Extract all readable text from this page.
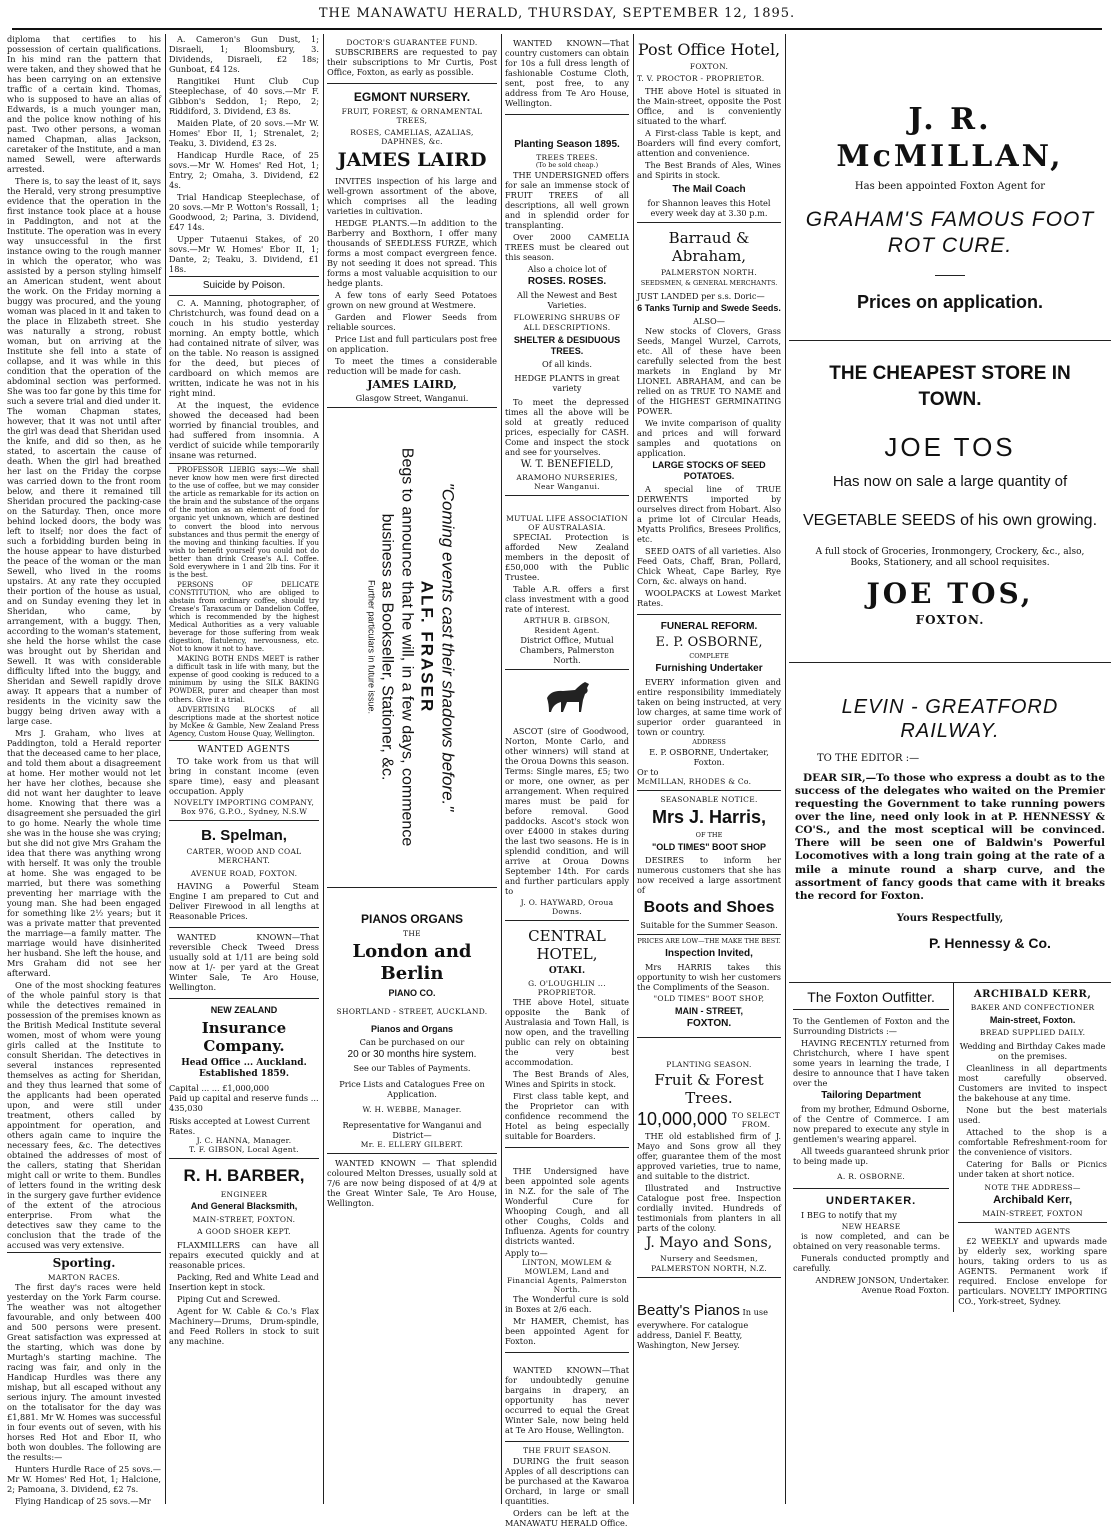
THE MANAWATU HERALD, THURSDAY, SEPTEMBER 12, 1895.

diploma that certifies to his possession of certain qualifications. In his mind ran the pattern that were taken, and they showed that he has been carrying on an extensive traffic of a certain kind. Thomas, who is supposed to have an alias of Edwards, is a much younger man, and the police know nothing of his past. Two other persons, a woman named Chapman, alias Jackson, caretaker of the Institute, and a man named Sewell, were afterwards arrested.

There is, to say the least of it, says the Herald, very strong presumptive evidence that the operation in the first instance took place at a house in Paddington, and not at the Institute. The operation was in every way unsuccessful in the first instance owing to the rough manner in which the operator, who was assisted by a person styling himself an American student, went about the work. On the Friday morning a buggy was procured, and the young woman was placed in it and taken to the place in Elizabeth street. She was naturally a strong, robust woman, but on arriving at the Institute she fell into a state of collapse, and it was while in this condition that the operation of the abdominal section was performed. She was too far gone by this time for such a severe trial and died under it. The woman Chapman states, however, that it was not until after the girl was dead that Sheridan used the knife, and did so then, as he stated, to ascertain the cause of death. When the girl had breathed her last on the Friday the corpse was carried down to the front room below, and there it remained till Sheridan procured the packing-case on the Saturday. Then, once more behind locked doors, the body was left to itself; nor does the fact of such a forbidding burden being in the house appear to have disturbed the peace of the woman or the man Sewell, who lived in the rooms upstairs. At any rate they occupied their portion of the house as usual, and on Sunday evening they let in Sheridan, who came, by arrangement, with a buggy. Then, according to the woman's statement, she held the horse whilst the case was brought out by Sheridan and Sewell. It was with considerable difficulty lifted into the buggy, and Sheridan and Sewell rapidly drove away. It appears that a number of residents in the vicinity saw the buggy being driven away with a large case.

Mrs J. Graham, who lives at Paddington, told a Herald reporter that the deceased came to her place, and told them about a disagreement at home. Her mother would not let her have her clothes, because she did not want her daughter to leave home. Knowing that there was a disagreement she persuaded the girl to go home. Nearly the whole time she was in the house she was crying; but she did not give Mrs Graham the idea that there was anything wrong with herself. It was only the trouble at home. She was engaged to be married, but there was something preventing her marriage with the young man. She had been engaged for something like 2½ years; but it was a private matter that prevented the marriage—a family matter. The marriage would have disinherited her husband. She left the house, and Mrs Graham did not see her afterward.

One of the most shocking features of the whole painful story is that while the detectives remained in possession of the premises known as the British Medical Institute several women, most of whom were young girls called at the Institute to consult Sheridan. The detectives in several instances represented themselves as acting for Sheridan, and they thus learned that some of the applicants had been operated upon, and were still under treatment, others called by appointment for operation, and others again came to inquire the necessary fees, &c. The detectives obtained the addresses of most of the callers, stating that Sheridan might call or write to them. Bundles of letters found in the writing desk in the surgery gave further evidence of the extent of the atrocious enterprise. From what the detectives saw they came to the conclusion that the trade of the accused was very extensive.

Sporting.
MARTON RACES.

The first day's races were held yesterday on the York Farm course. The weather was not altogether favourable, and only between 400 and 500 persons were present. Great satisfaction was expressed at the starting, which was done by Murtagh's starting machine. The racing was fair, and only in the Handicap Hurdles was there any mishap, but all escaped without any serious injury. The amount invested on the totalisator for the day was £1,881. Mr W. Homes was successful in four events out of seven, with his horses Red Hot and Ebor II, who both won doubles. The following are the results:—

Hunters Hurdle Race of 25 sovs.—Mr W. Homes' Red Hot, 1; Halcione, 2; Pamoana, 3. Dividend, £2 7s.

Flying Handicap of 25 sovs.—Mr

A. Cameron's Gun Dust, 1; Disraeli, 1; Bloomsbury, 3. Dividends, Disraeli, £2 18s; Gunboat, £4 12s.

Rangitikei Hunt Club Cup Steeplechase, of 40 sovs.—Mr F. Gibbon's Seddon, 1; Repo, 2; Riddiford, 3. Dividend, £3 8s.

Maiden Plate, of 20 sovs.—Mr W. Homes' Ebor II, 1; Strenalet, 2; Teaku, 3. Dividend, £3 2s.

Handicap Hurdle Race, of 25 sovs.—Mr W. Homes' Red Hot, 1; Entry, 2; Omaha, 3. Dividend, £2 4s.

Trial Handicap Steeplechase, of 20 sovs.—Mr P. Wotton's Rossall, 1; Goodwood, 2; Parina, 3. Dividend, £47 14s.

Upper Tutaenui Stakes, of 20 sovs.—Mr W. Homes' Ebor II, 1; Dante, 2; Teaku, 3. Dividend, £1 18s.

Suicide by Poison.

C. A. Manning, photographer, of Christchurch, was found dead on a couch in his studio yesterday morning. An empty bottle, which had contained nitrate of silver, was on the table. No reason is assigned for the deed, but pieces of cardboard on which memos are written, indicate he was not in his right mind.

At the inquest, the evidence showed the deceased had been worried by financial troubles, and had suffered from insomnia. A verdict of suicide while temporarily insane was returned.

PROFESSOR LIEBIG says:—We shall never know how men were first directed to the use of coffee, but we may consider the article as remarkable for its action on the brain and the substance of the organs of the motion as an element of food for organic yet unknown, which are destined to convert the blood into nervous substances and thus permit the energy of the moving and thinking faculties. If you wish to benefit yourself you could not do better than drink Crease's A.I. Coffee. Sold everywhere in 1 and 2lb tins. For it is the best.

PERSONS OF DELICATE CONSTITUTION, who are obliged to abstain from ordinary coffee, should try Crease's Taraxacum or Dandelion Coffee, which is recommended by the highest Medical Authorities as a very valuable beverage for those suffering from weak digestion, flatulency, nervousness, etc. Not to know it not to have.

MAKING BOTH ENDS MEET is rather a difficult task in life with many, but the expense of good cooking is reduced to a minimum by using the SILK BAKING POWDER, purer and cheaper than most others. Give it a trial.

ADVERTISING BLOCKS of all descriptions made at the shortest notice by McKee & Gamble, New Zealand Press Agency, Custom House Quay, Wellington.

WANTED AGENTS

TO take work from us that will bring in constant income (even spare time), easy and pleasant occupation. Apply

NOVELTY IMPORTING COMPANY, Box 976, G.P.O., Sydney, N.S.W
B. Spelman,
CARTER, WOOD AND COAL MERCHANT.
AVENUE ROAD, FOXTON.

HAVING a Powerful Steam Engine I am prepared to Cut and Deliver Firewood in all lengths at Reasonable Prices.

WANTED KNOWN—That reversible Check Tweed Dress usually sold at 1/11 are being sold now at 1/- per yard at the Great Winter Sale, Te Aro House, Wellington.

NEW ZEALAND
Insurance Company.
Head Office ... Auckland.
Established 1859.
Capital ... ... £1,000,000
Paid up capital and reserve funds ... 435,030
Risks accepted at Lowest Current Rates.
J. C. HANNA, Manager.
T. F. GIBSON, Local Agent.
R. H. BARBER,
ENGINEER
And General Blacksmith,
MAIN-STREET, FOXTON.
A GOOD SHOER KEPT.

FLAXMILLERS can have all repairs executed quickly and at reasonable prices.

Packing, Red and White Lead and Insertion kept in stock.

Piping Cut and Screwed.

Agent for W. Cable & Co.'s Flax Machinery—Drums, Drum-spindle, and Feed Rollers in stock to suit any machine.

DOCTOR'S GUARANTEE FUND.

SUBSCRIBERS are requested to pay their subscriptions to Mr Curtis, Post Office, Foxton, as early as possible.

EGMONT NURSERY.
FRUIT, FOREST, & ORNAMENTAL TREES,
ROSES, CAMELIAS, AZALIAS, DAPHNES, &c.
JAMES LAIRD

INVITES inspection of his large and well-grown assortment of the above, which comprises all the leading varieties in cultivation.

HEDGE PLANTS.—In addition to the Barberry and Boxthorn, I offer many thousands of SEEDLESS FURZE, which forms a most compact evergreen fence. By not seeding it does not spread. This forms a most valuable acquisition to our hedge plants.

A few tons of early Seed Potatoes grown on new ground at Westmere.

Garden and Flower Seeds from reliable sources.

Price List and full particulars post free on application.

To meet the times a considerable reduction will be made for cash.

JAMES LAIRD,
Glasgow Street, Wanganui.
"Coming events cast their shadows before."
ALF. FRASER
Begs to announce that he will, in a few days, commence business as Bookseller, Stationer, &c.
Further particulars in future issue.
PIANOS ORGANS
THE
London and Berlin
PIANO CO.
SHORTLAND - STREET, AUCKLAND.
Pianos and Organs
Can be purchased on our
20 or 30 months hire system.
See our Tables of Payments.
Price Lists and Catalogues Free on Application.
W. H. WEBBE, Manager.
Representative for Wanganui and District—
Mr. E. ELLERY GILBERT.

WANTED KNOWN — That splendid coloured Melton Dresses, usually sold at 7/6 are now being disposed of at 4/9 at the Great Winter Sale, Te Aro House, Wellington.

WANTED KNOWN—That country customers can obtain for 10s a full dress length of fashionable Costume Cloth, sent, post free, to any address from Te Aro House, Wellington.

Planting Season 1895.
TREES TREES.
(To be sold cheap.)

THE UNDERSIGNED offers for sale an immense stock of FRUIT TREES of all descriptions, all well grown and in splendid order for transplanting.

Over 2000 CAMELIA TREES must be cleared out this season.

Also a choice lot of
ROSES. ROSES.
All the Newest and Best Varieties.
FLOWERING SHRUBS OF ALL DESCRIPTIONS.
SHELTER & DESIDUOUS TREES.
Of all kinds.
HEDGE PLANTS in great variety

To meet the depressed times all the above will be sold at greatly reduced prices, especially for CASH. Come and inspect the stock and see for yourselves.

W. T. BENEFIELD,
ARAMOHO NURSERIES, Near Wanganui.
MUTUAL LIFE ASSOCIATION OF AUSTRALASIA.

SPECIAL Protection is afforded New Zealand members in the deposit of £50,000 with the Public Trustee.

Table A.R. offers a first class investment with a good rate of interest.

ARTHUR B. GIBSON, Resident Agent.
District Office, Mutual Chambers, Palmerston North.

ASCOT (sire of Goodwood, Norton, Monte Carlo, and other winners) will stand at the Oroua Downs this season. Terms: Single mares, £5; two or more, one owner, as per arrangement. When required mares must be paid for before removal. Good paddocks. Ascot's stock won over £4000 in stakes during the last two seasons. He is in splendid condition, and will arrive at Oroua Downs September 14th. For cards and further particulars apply to

J. O. HAYWARD, Oroua Downs.
CENTRAL HOTEL,
OTAKI.
G. O'LOUGHLIN ... PROPRIETOR.

THE above Hotel, situate opposite the Bank of Australasia and Town Hall, is now open, and the travelling public can rely on obtaining the very best accommodation.

The Best Brands of Ales, Wines and Spirits in stock.

First class table kept, and the Proprietor can with confidence recommend the Hotel as being especially suitable for Boarders.

THE Undersigned have been appointed sole agents in N.Z. for the sale of The Wonderful Cure for Whooping Cough, and all other Coughs, Colds and Influenza. Agents for country districts wanted.

Apply to—
LINTON, MOWLEM & MOWLEM, Land and Financial Agents, Palmerston North.

The Wonderful cure is sold in Boxes at 2/6 each.

Mr HAMER, Chemist, has been appointed Agent for Foxton.

WANTED KNOWN—That for undoubtedly genuine bargains in drapery, an opportunity has never occurred to equal the Great Winter Sale, now being held at Te Aro House, Wellington.

THE FRUIT SEASON.

DURING the fruit season Apples of all descriptions can be purchased at the Kawaroa Orchard, in large or small quantities.

Orders can be left at the MANAWATU HERALD Office.

Post Office Hotel,
FOXTON.
T. V. PROCTOR - PROPRIETOR.

THE above Hotel is situated in the Main-street, opposite the Post Office, and is conveniently situated to the wharf.

A First-class Table is kept, and Boarders will find every comfort, attention and convenience.

The Best Brands of Ales, Wines and Spirits in stock.

The Mail Coach
for Shannon leaves this Hotel every week day at 3.30 p.m.
Barraud & Abraham,
PALMERSTON NORTH.
SEEDSMEN, & GENERAL MERCHANTS.
JUST LANDED per s.s. Doric—
6 Tanks Turnip and Swede Seeds.
ALSO—

New stocks of Clovers, Grass Seeds, Mangel Wurzel, Carrots, etc. All of these have been carefully selected from the best markets in England by Mr LIONEL ABRAHAM, and can be relied on as TRUE TO NAME and of the HIGHEST GERMINATING POWER.

We invite comparison of quality and prices and will forward samples and quotations on application.

LARGE STOCKS OF SEED POTATOES.

A special line of TRUE DERWENTS imported by ourselves direct from Hobart. Also a prime lot of Circular Heads, Myatts Prolifics, Bresees Prolifics, etc.

SEED OATS of all varieties. Also Feed Oats, Chaff, Bran, Pollard, Chick Wheat, Cape Barley, Rye Corn, &c. always on hand.

WOOLPACKS at Lowest Market Rates.

FUNERAL REFORM.
E. P. OSBORNE,
COMPLETE
Furnishing Undertaker

EVERY information given and entire responsibility immediately taken on being instructed, at very low charges, at same time work of superior order guaranteed in town or country.

ADDRESS
E. P. OSBORNE, Undertaker, Foxton.
Or to
McMILLAN, RHODES & Co.
SEASONABLE NOTICE.
Mrs J. Harris,
OF THE
"OLD TIMES" BOOT SHOP

DESIRES to inform her numerous customers that she has now received a large assortment of

Boots and Shoes
Suitable for the Summer Season.
PRICES ARE LOW—THE MAKE THE BEST.
Inspection Invited,

Mrs HARRIS takes this opportunity to wish her customers the Compliments of the Season.

"OLD TIMES" BOOT SHOP,
MAIN - STREET,
FOXTON.
PLANTING SEASON.
Fruit & Forest Trees.
10,000,000 TO SELECT FROM.

THE old established firm of J. Mayo and Sons grow all they offer, guarantee them of the most approved varieties, true to name, and suitable to the district.

Illustrated and Instructive Catalogue post free. Inspection cordially invited. Hundreds of testimonials from planters in all parts of the colony.

J. Mayo and Sons,
Nursery and Seedsmen, PALMERSTON NORTH, N.Z.
Beatty's Pianos In use everywhere. For catalogue address, Daniel F. Beatty, Washington, New Jersey.
J. R. McMILLAN,
Has been appointed Foxton Agent for
GRAHAM'S FAMOUS FOOT ROT CURE.
Prices on application.
THE CHEAPEST STORE IN TOWN.
JOE TOS
Has now on sale a large quantity of
VEGETABLE SEEDS of his own growing.
A full stock of Groceries, Ironmongery, Crockery, &c., also, Books, Stationery, and all school requisites.
JOE TOS,
FOXTON.
LEVIN - GREATFORD RAILWAY.
TO THE EDITOR :—

DEAR SIR,—To those who express a doubt as to the success of the delegates who waited on the Premier requesting the Government to take running powers over the line, need only look in at P. HENNESSY & CO'S., and the most sceptical will be convinced. There will be seen one of Baldwin's Powerful Locomotives with a long train going at the rate of a mile a minute round a sharp curve, and the assortment of fancy goods that came with it breaks the record for Foxton.

Yours Respectfully,
P. Hennessy & Co.
The Foxton Outfitter.

To the Gentlemen of Foxton and the Surrounding Districts :—

HAVING RECENTLY returned from Christchurch, where I have spent some years in learning the trade, I desire to announce that I have taken over the

Tailoring Department

from my brother, Edmund Osborne, of the Centre of Commerce. I am now prepared to execute any style in gentlemen's wearing apparel.

All tweeds guaranteed shrunk prior to being made up.

A. R. OSBORNE.
UNDERTAKER.

I BEG to notify that my

NEW HEARSE

is now completed, and can be obtained on very reasonable terms.

Funerals conducted promptly and carefully.

ANDREW JONSON, Undertaker. Avenue Road Foxton.
ARCHIBALD KERR,
BAKER AND CONFECTIONER
Main-street, Foxton.
BREAD SUPPLIED DAILY.

Wedding and Birthday Cakes made on the premises.

Cleanliness in all departments most carefully observed. Customers are invited to inspect the bakehouse at any time.

None but the best materials used.

Attached to the shop is a comfortable Refreshment-room for the convenience of visitors.

Catering for Balls or Picnics under taken at short notice.

NOTE THE ADDRESS—
Archibald Kerr,
MAIN-STREET, FOXTON
WANTED AGENTS

£2 WEEKLY and upwards made by elderly sex, working spare hours, taking orders to us as AGENTS. Permanent work if required. Enclose envelope for particulars. NOVELTY IMPORTING CO., York-street, Sydney.
